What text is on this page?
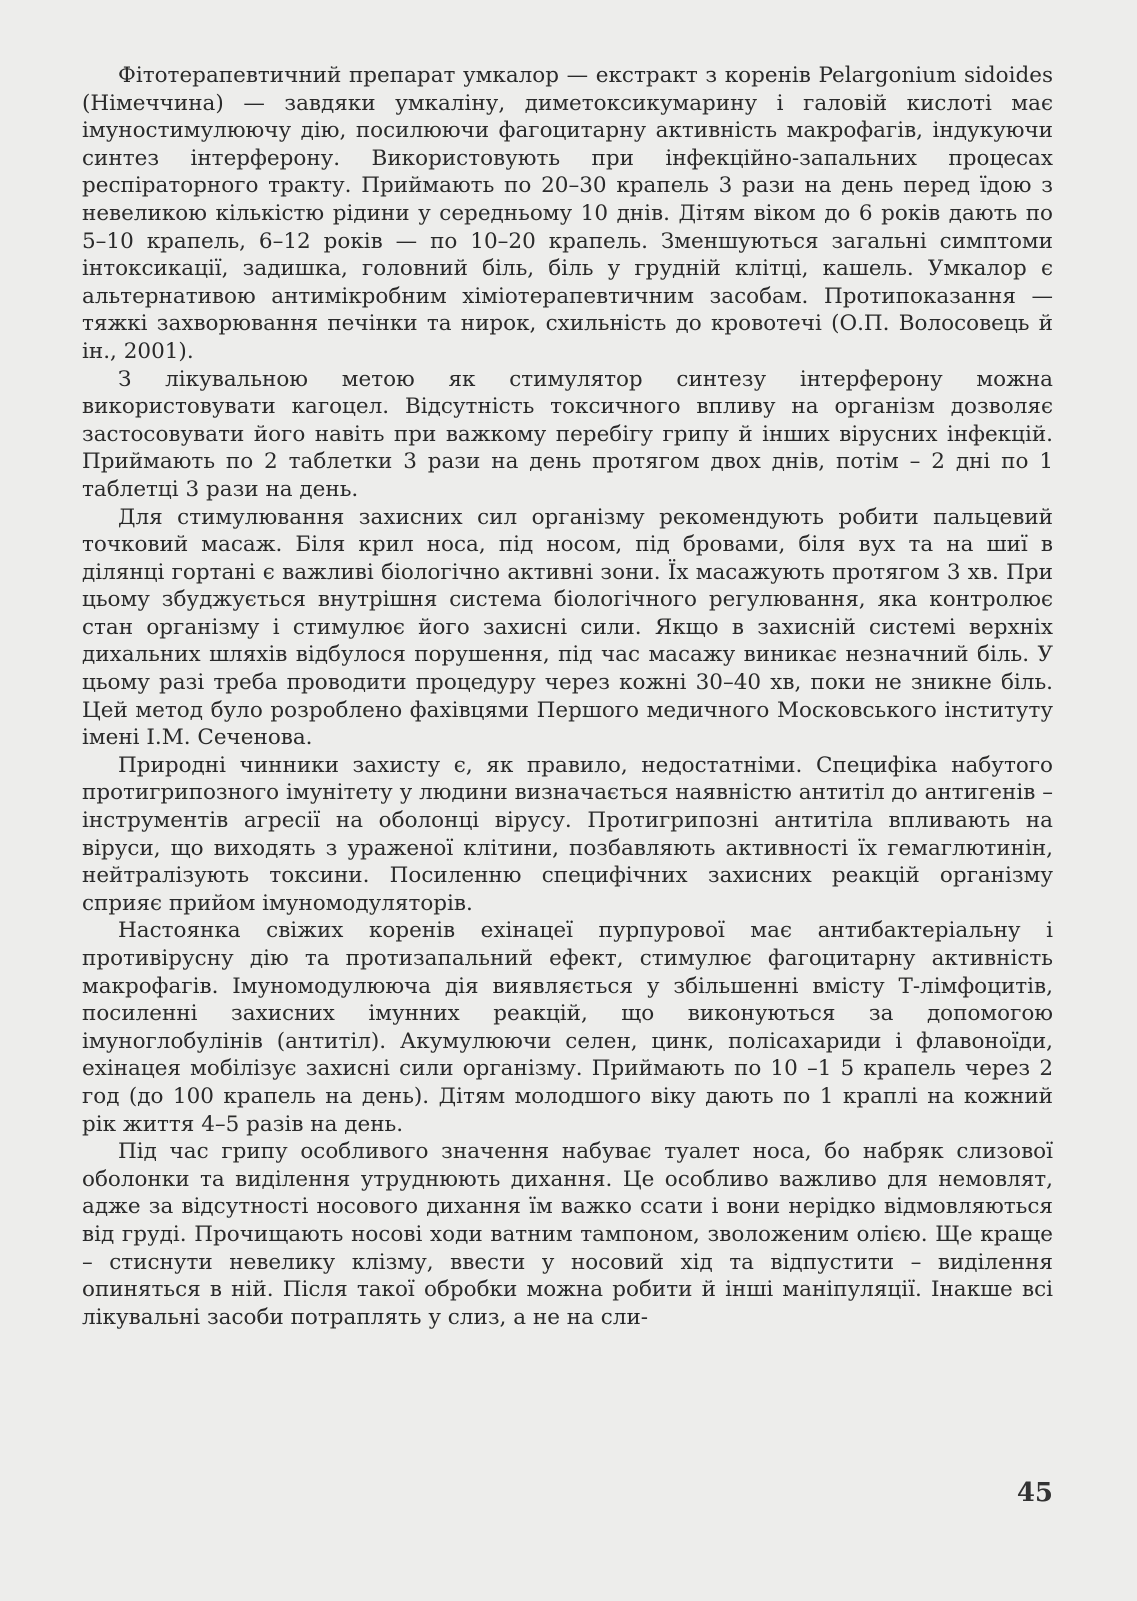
Фітотерапевтичний препарат умкалор — екстракт з коренів Pelargonium sidoides (Німеччина) — завдяки умкаліну, диметоксикумарину і галовій кислоті має імуностимулюючу дію, посилюючи фагоцитарну активність макрофагів, індукуючи синтез інтерферону. Використовують при інфекційно-запальних процесах респіраторного тракту. Приймають по 20–30 крапель 3 рази на день перед їдою з невеликою кількістю рідини у середньому 10 днів. Дітям віком до 6 років дають по 5–10 крапель, 6–12 років — по 10–20 крапель. Зменшуються загальні симптоми інтоксикації, задишка, головний біль, біль у грудній клітці, кашель. Умкалор є альтернативою антимікробним хіміотерапевтичним засобам. Протипоказання — тяжкі захворювання печінки та нирок, схильність до кровотечі (О.П. Волосовець й ін., 2001).

З лікувальною метою як стимулятор синтезу інтерферону можна використовувати кагоцел. Відсутність токсичного впливу на організм дозволяє застосовувати його навіть при важкому перебігу грипу й інших вірусних інфекцій. Приймають по 2 таблетки 3 рази на день протягом двох днів, потім – 2 дні по 1 таблетці 3 рази на день.

Для стимулювання захисних сил організму рекомендують робити пальцевий точковий масаж. Біля крил носа, під носом, під бровами, біля вух та на шиї в ділянці гортані є важливі біологічно активні зони. Їх масажують протягом 3 хв. При цьому збуджується внутрішня система біологічного регулювання, яка контролює стан організму і стимулює його захисні сили. Якщо в захисній системі верхніх дихальних шляхів відбулося порушення, під час масажу виникає незначний біль. У цьому разі треба проводити процедуру через кожні 30–40 хв, поки не зникне біль. Цей метод було розроблено фахівцями Першого медичного Московського інституту імені І.М. Сеченова.

Природні чинники захисту є, як правило, недостатніми. Специфіка набутого протигрипозного імунітету у людини визначається наявністю антитіл до антигенів – інструментів агресії на оболонці вірусу. Протигрипозні антитіла впливають на віруси, що виходять з ураженої клітини, позбавляють активності їх гемаглютинін, нейтралізують токсини. Посиленню специфічних захисних реакцій організму сприяє прийом імуномодуляторів.

Настоянка свіжих коренів ехінацеї пурпурової має антибактеріальну і противірусну дію та протизапальний ефект, стимулює фагоцитарну активність макрофагів. Імуномодулююча дія виявляється у збільшенні вмісту Т-лімфоцитів, посиленні захисних імунних реакцій, що виконуються за допомогою імуноглобулінів (антитіл). Акумулюючи селен, цинк, полісахариди і флавоноїди, ехінацея мобілізує захисні сили організму. Приймають по 10 –1 5 крапель через 2 год (до 100 крапель на день). Дітям молодшого віку дають по 1 краплі на кожний рік життя 4–5 разів на день.

Під час грипу особливого значення набуває туалет носа, бо набряк слизової оболонки та виділення утруднюють дихання. Це особливо важливо для немовлят, адже за відсутності носового дихання їм важко ссати і вони нерідко відмовляються від груді. Прочищають носові ходи ватним тампоном, зволоженим олією. Ще краще – стиснути невелику клізму, ввести у носовий хід та відпустити – виділення опиняться в ній. Після такої обробки можна робити й інші маніпуляції. Інакше всі лікувальні засоби потраплять у слиз, а не на сли-

45
